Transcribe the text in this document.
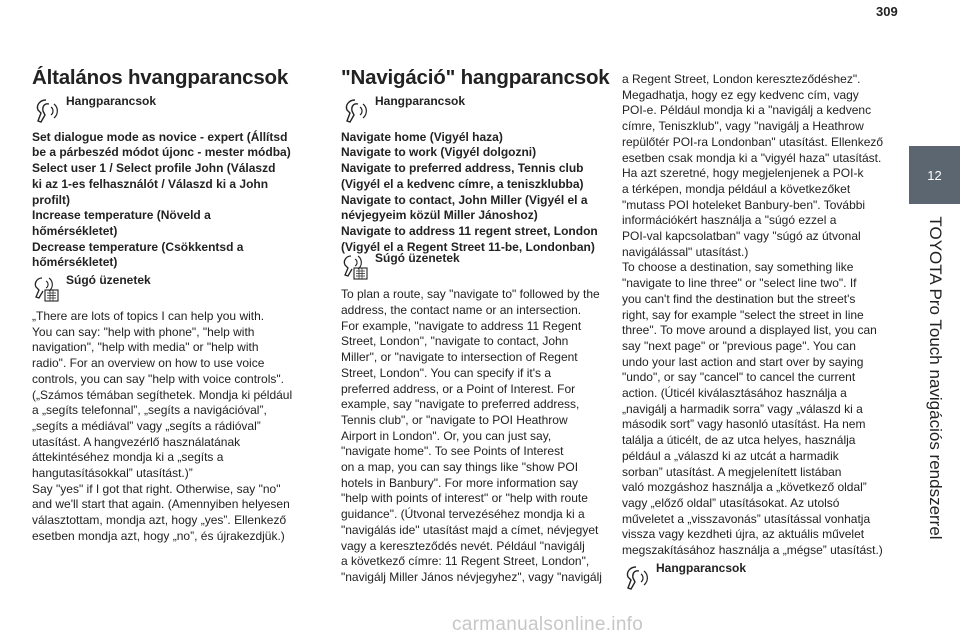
309
12
TOYOTA Pro Touch navigációs rendszerrel
Általános hvangparancsok
Hangparancsok
Set dialogue mode as novice - expert (Állítsd
be a párbeszéd módot újonc - mester módba)
Select user 1 / Select profile John (Válaszd
ki az 1-es felhasználót / Válaszd ki a John
profilt)
Increase temperature (Növeld a
hőmérsékletet)
Decrease temperature (Csökkentsd a
hőmérsékletet)
Súgó üzenetek
„There are lots of topics I can help you with.
You can say: "help with phone", "help with
navigation", "help with media" or "help with
radio". For an overview on how to use voice
controls, you can say "help with voice controls".
(„Számos témában segíthetek. Mondja ki például
a „segíts telefonnal”, „segíts a navigációval”,
„segíts a médiával” vagy „segíts a rádióval”
utasítást. A hangvezérlő használatának
áttekintéséhez mondja ki a „segíts a
hangutasításokkal” utasítást.)”
Say "yes" if I got that right. Otherwise, say "no"
and we'll start that again. (Amennyiben helyesen
választottam, mondja azt, hogy „yes”. Ellenkező
esetben mondja azt, hogy „no”, és újrakezdjük.)
"Navigáció" hangparancsok
Hangparancsok
Navigate home (Vigyél haza)
Navigate to work (Vigyél dolgozni)
Navigate to preferred address, Tennis club
(Vigyél el a kedvenc címre, a teniszklubba)
Navigate to contact, John Miller (Vigyél el a
névjegyeim közül Miller Jánoshoz)
Navigate to address 11 regent street, London
(Vigyél el a Regent Street 11-be, Londonban)
Súgó üzenetek
To plan a route, say "navigate to" followed by the
address, the contact name or an intersection.
For example, "navigate to address 11 Regent
Street, London", "navigate to contact, John
Miller", or "navigate to intersection of Regent
Street, London". You can specify if it's a
preferred address, or a Point of Interest. For
example, say "navigate to preferred address,
Tennis club", or "navigate to POI Heathrow
Airport in London". Or, you can just say,
"navigate home". To see Points of Interest
on a map, you can say things like "show POI
hotels in Banbury". For more information say
"help with points of interest" or "help with route
guidance". (Útvonal tervezéséhez mondja ki a
"navigálás ide" utasítást majd a címet, névjegyet
vagy a kereszteződés nevét. Például "navigálj
a következő címre: 11 Regent Street, London",
"navigálj Miller János névjegyhez", vagy "navigálj
a Regent Street, London kereszteződéshez".
Megadhatja, hogy ez egy kedvenc cím, vagy
POI-e. Például mondja ki a "navigálj a kedvenc
címre, Teniszklub", vagy "navigálj a Heathrow
repülőtér POI-ra Londonban" utasítást. Ellenkező
esetben csak mondja ki a "vigyél haza" utasítást.
Ha azt szeretné, hogy megjelenjenek a POI-k
a térképen, mondja például a következőket
"mutass POI hoteleket Banbury-ben". További
információkért használja a "súgó ezzel a
POI-val kapcsolatban" vagy "súgó az útvonal
navigálással" utasítást.)
To choose a destination, say something like
"navigate to line three" or "select line two". If
you can't find the destination but the street's
right, say for example "select the street in line
three". To move around a displayed list, you can
say "next page" or "previous page". You can
undo your last action and start over by saying
"undo", or say "cancel" to cancel the current
action. (Úticél kiválasztásához használja a
„navigálj a harmadik sorra” vagy „válaszd ki a
második sort” vagy hasonló utasítást. Ha nem
találja a úticélt, de az utca helyes, használja
például a „válaszd ki az utcát a harmadik
sorban” utasítást. A megjelenített listában
való mozgáshoz használja a „következő oldal”
vagy „előző oldal” utasításokat. Az utolsó
műveletet a „visszavonás” utasítással vonhatja
vissza vagy kezdheti újra, az aktuális művelet
megszakításához használja a „mégse” utasítást.)
Hangparancsok
carmanualsonline.info
